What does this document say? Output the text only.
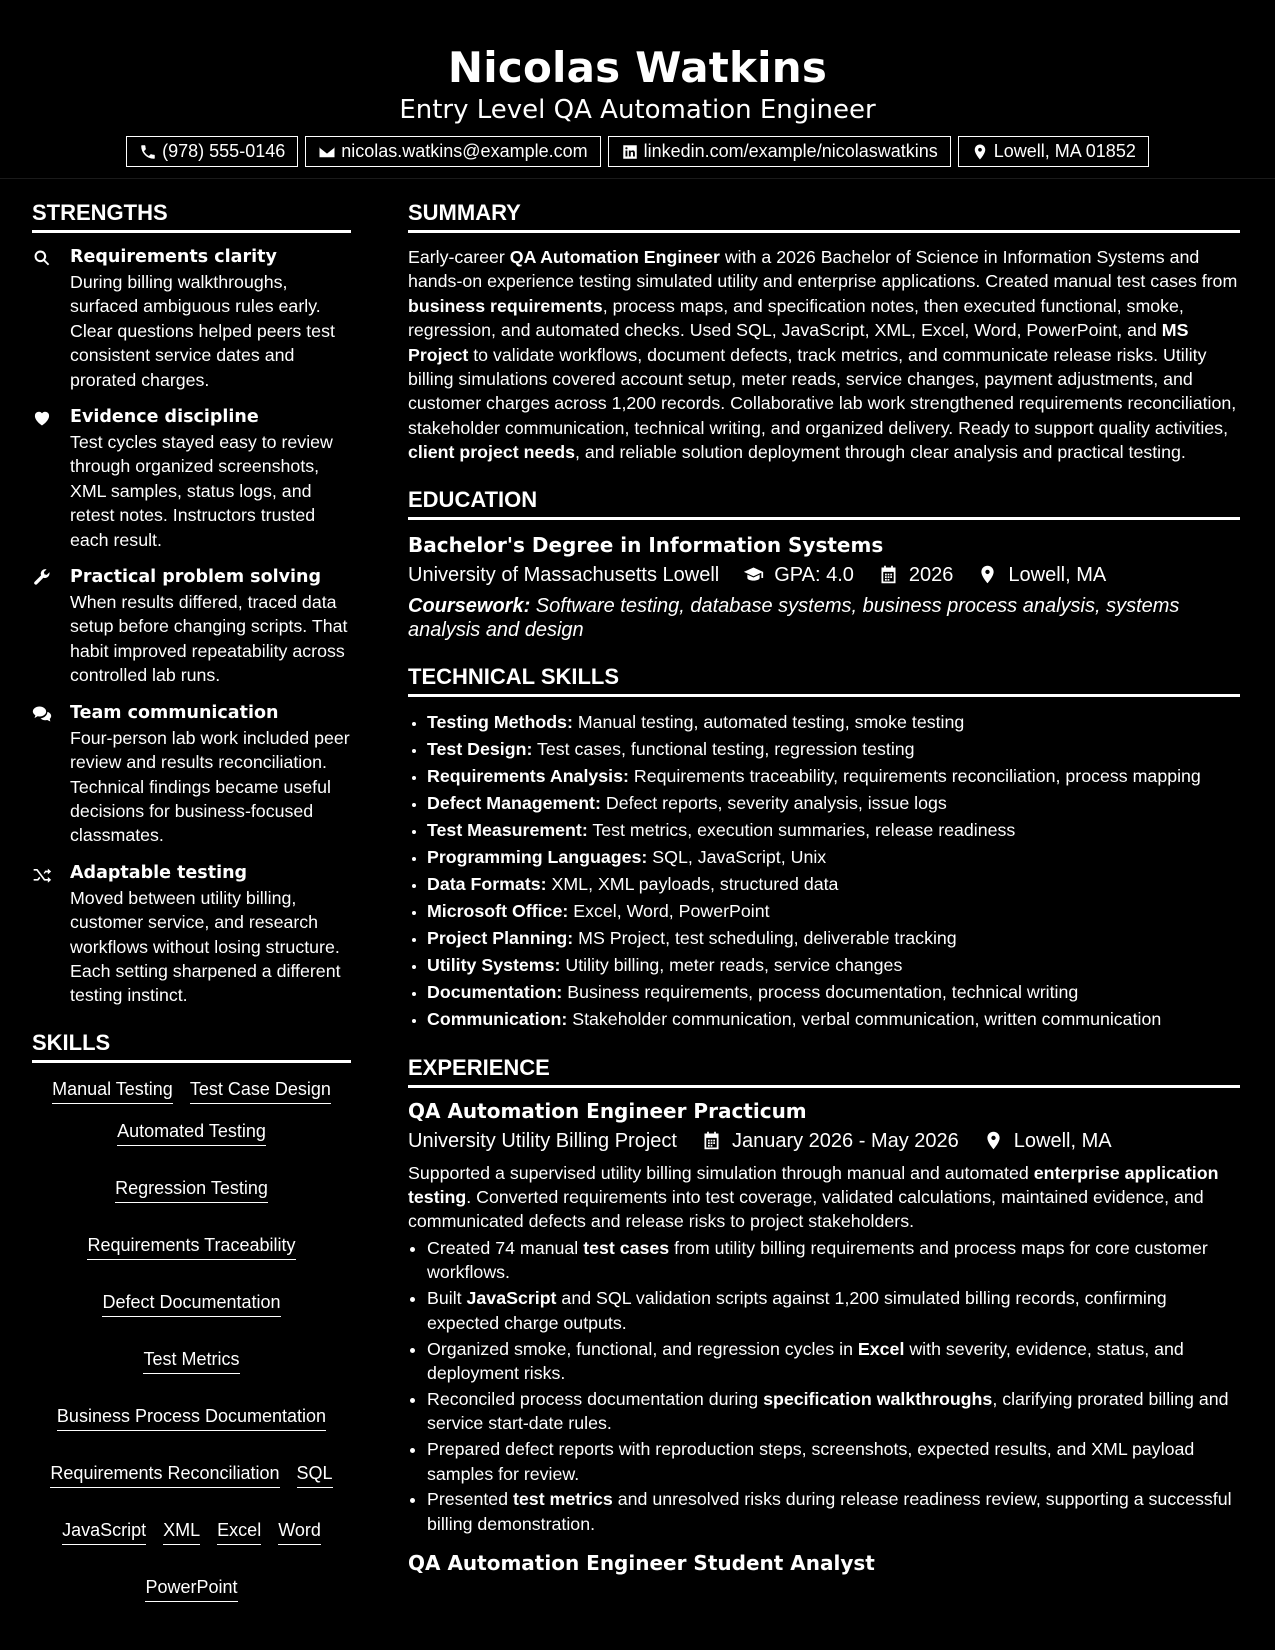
Nicolas Watkins
Entry Level QA Automation Engineer
(978) 555-0146	nicolas.watkins@example.com	linkedin.com/example/nicolaswatkins	Lowell, MA 01852
STRENGTHS
Requirements clarity
During billing walkthroughs, surfaced ambiguous rules early. Clear questions helped peers test consistent service dates and prorated charges.
Evidence discipline
Test cycles stayed easy to review through organized screenshots, XML samples, status logs, and retest notes. Instructors trusted each result.
Practical problem solving
When results differed, traced data setup before changing scripts. That habit improved repeatability across controlled lab runs.
Team communication
Four-person lab work included peer review and results reconciliation. Technical findings became useful decisions for business-focused classmates.
Adaptable testing
Moved between utility billing, customer service, and research workflows without losing structure. Each setting sharpened a different testing instinct.
SKILLS
Manual Testing Test Case Design
Automated Testing
Regression Testing
Requirements Traceability
Defect Documentation
Test Metrics
Business Process Documentation
Requirements Reconciliation SQL
JavaScript XML Excel Word
PowerPoint
SUMMARY

Early-career QA Automation Engineer with a 2026 Bachelor of Science in Information Systems and hands-on experience testing simulated utility and enterprise applications. Created manual test cases from business requirements, process maps, and specification notes, then executed functional, smoke, regression, and automated checks. Used SQL, JavaScript, XML, Excel, Word, PowerPoint, and MS Project to validate workflows, document defects, track metrics, and communicate release risks. Utility billing simulations covered account setup, meter reads, service changes, payment adjustments, and customer charges across 1,200 records. Collaborative lab work strengthened requirements reconciliation, stakeholder communication, technical writing, and organized delivery. Ready to support quality activities, client project needs, and reliable solution deployment through clear analysis and practical testing.

EDUCATION
Bachelor's Degree in Information Systems
University of Massachusetts Lowell	GPA: 4.0	2026	Lowell, MA
Coursework: Software testing, database systems, business process analysis, systems analysis and design
TECHNICAL SKILLS
• Testing Methods: Manual testing, automated testing, smoke testing
• Test Design: Test cases, functional testing, regression testing
• Requirements Analysis: Requirements traceability, requirements reconciliation, process mapping
• Defect Management: Defect reports, severity analysis, issue logs
• Test Measurement: Test metrics, execution summaries, release readiness
• Programming Languages: SQL, JavaScript, Unix
• Data Formats: XML, XML payloads, structured data
• Microsoft Office: Excel, Word, PowerPoint
• Project Planning: MS Project, test scheduling, deliverable tracking
• Utility Systems: Utility billing, meter reads, service changes
• Documentation: Business requirements, process documentation, technical writing
• Communication: Stakeholder communication, verbal communication, written communication
EXPERIENCE
QA Automation Engineer Practicum
University Utility Billing Project	January 2026 - May 2026	Lowell, MA

Supported a supervised utility billing simulation through manual and automated enterprise application testing. Converted requirements into test coverage, validated calculations, maintained evidence, and communicated defects and release risks to project stakeholders.

• Created 74 manual test cases from utility billing requirements and process maps for core customer workflows.
• Built JavaScript and SQL validation scripts against 1,200 simulated billing records, confirming expected charge outputs.
• Organized smoke, functional, and regression cycles in Excel with severity, evidence, status, and deployment risks.
• Reconciled process documentation during specification walkthroughs, clarifying prorated billing and service start-date rules.
• Prepared defect reports with reproduction steps, screenshots, expected results, and XML payload samples for review.
• Presented test metrics and unresolved risks during release readiness review, supporting a successful billing demonstration.
QA Automation Engineer Student Analyst
